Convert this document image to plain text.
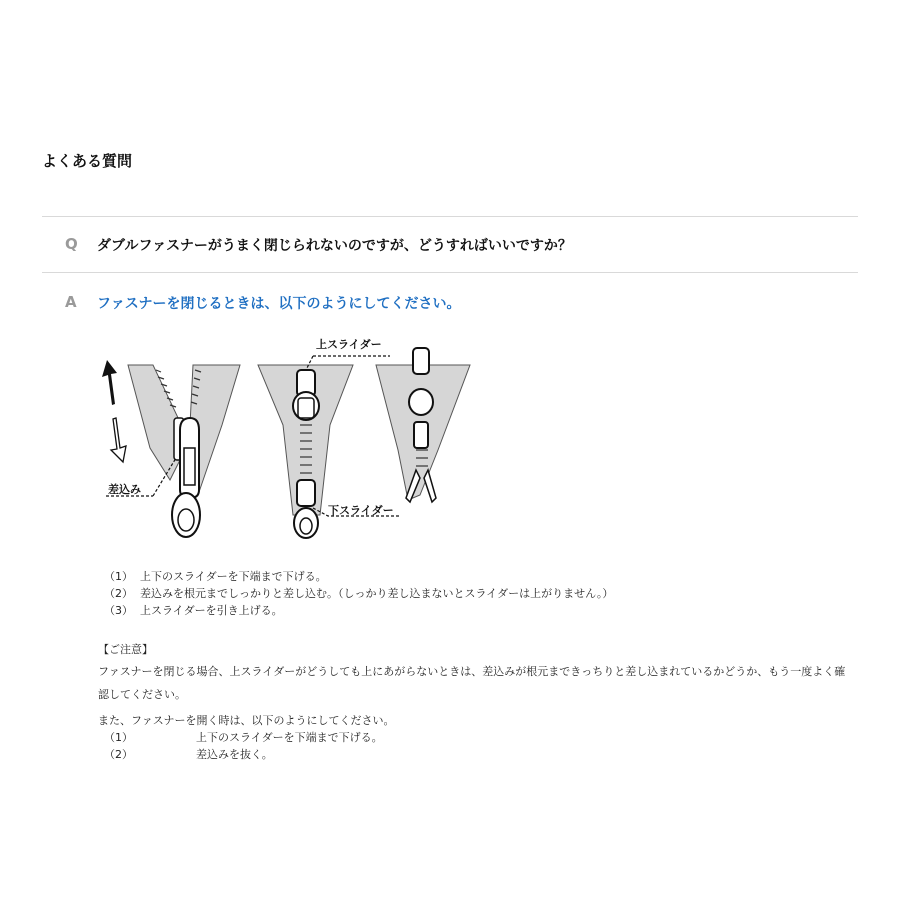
よくある質問
Q ダブルファスナーがうまく閉じられないのですが、どうすればいいですか？
A ファスナーを閉じるときは、以下のようにしてください。
差込み
上スライダー
下スライダー
（1） 上下のスライダーを下端まで下げる。
（2） 差込みを根元までしっかりと差し込む。（しっかり差し込まないとスライダーは上がりません。）
（3） 上スライダーを引き上げる。
【ご注意】
ファスナーを閉じる場合、上スライダーがどうしても上にあがらないときは、差込みが根元まできっちりと差し込まれているかどうか、もう一度よく確認してください。
また、ファスナーを開く時は、以下のようにしてください。
（1）	上下のスライダーを下端まで下げる。
（2）	差込みを抜く。
